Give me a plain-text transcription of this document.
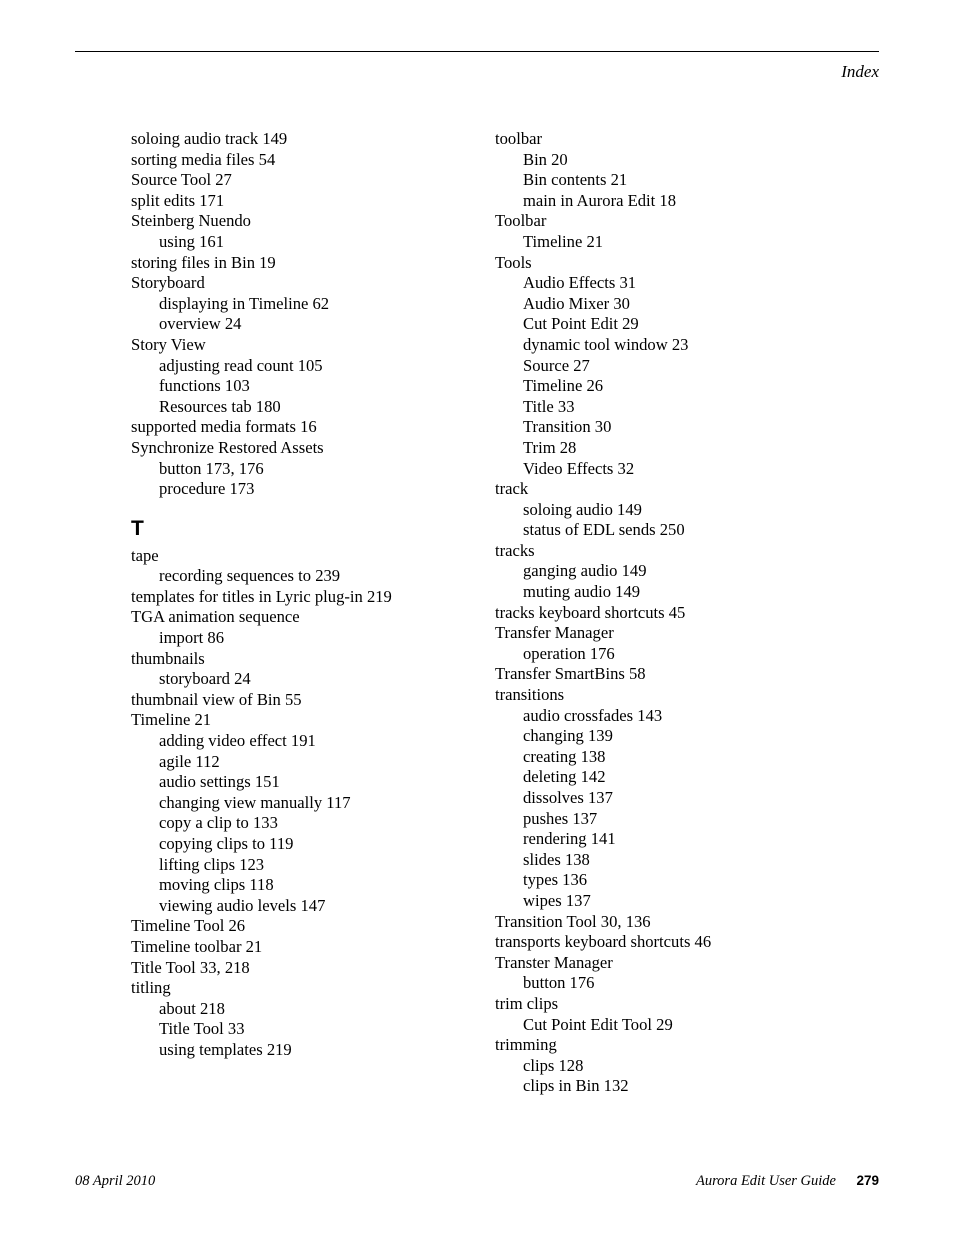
Index
soloing audio track 149
sorting media files 54
Source Tool 27
split edits 171
Steinberg Nuendo
using 161
storing files in Bin 19
Storyboard
displaying in Timeline 62
overview 24
Story View
adjusting read count 105
functions 103
Resources tab 180
supported media formats 16
Synchronize Restored Assets
button 173, 176
procedure 173
T
tape
recording sequences to 239
templates for titles in Lyric plug-in 219
TGA animation sequence
import 86
thumbnails
storyboard 24
thumbnail view of Bin 55
Timeline 21
adding video effect 191
agile 112
audio settings 151
changing view manually 117
copy a clip to 133
copying clips to 119
lifting clips 123
moving clips 118
viewing audio levels 147
Timeline Tool 26
Timeline toolbar 21
Title Tool 33, 218
titling
about 218
Title Tool 33
using templates 219
toolbar
Bin 20
Bin contents 21
main in Aurora Edit 18
Toolbar
Timeline 21
Tools
Audio Effects 31
Audio Mixer 30
Cut Point Edit 29
dynamic tool window 23
Source 27
Timeline 26
Title 33
Transition 30
Trim 28
Video Effects 32
track
soloing audio 149
status of EDL sends 250
tracks
ganging audio 149
muting audio 149
tracks keyboard shortcuts 45
Transfer Manager
operation 176
Transfer SmartBins 58
transitions
audio crossfades 143
changing 139
creating 138
deleting 142
dissolves 137
pushes 137
rendering 141
slides 138
types 136
wipes 137
Transition Tool 30, 136
transports keyboard shortcuts 46
Transter Manager
button 176
trim clips
Cut Point Edit Tool 29
trimming
clips 128
clips in Bin 132
08 April 2010	Aurora Edit User Guide 279
